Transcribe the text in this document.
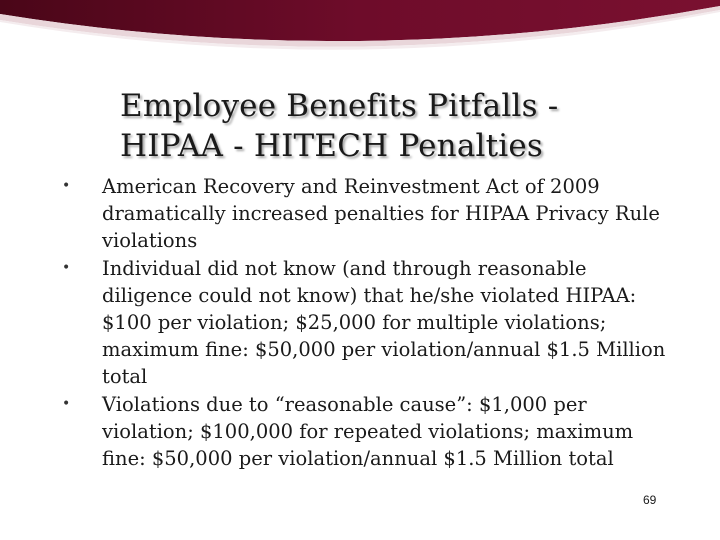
Employee Benefits Pitfalls -
HIPAA - HITECH Penalties
• American Recovery and Reinvestment Act of 2009 dramatically increased penalties for HIPAA Privacy Rule violations
• Individual did not know (and through reasonable diligence could not know) that he/she violated HIPAA: $100 per violation; $25,000 for multiple violations; maximum fine: $50,000 per violation/annual $1.5 Million total
• Violations due to “reasonable cause”: $1,000 per violation; $100,000 for repeated violations; maximum fine: $50,000 per violation/annual $1.5 Million total
69
